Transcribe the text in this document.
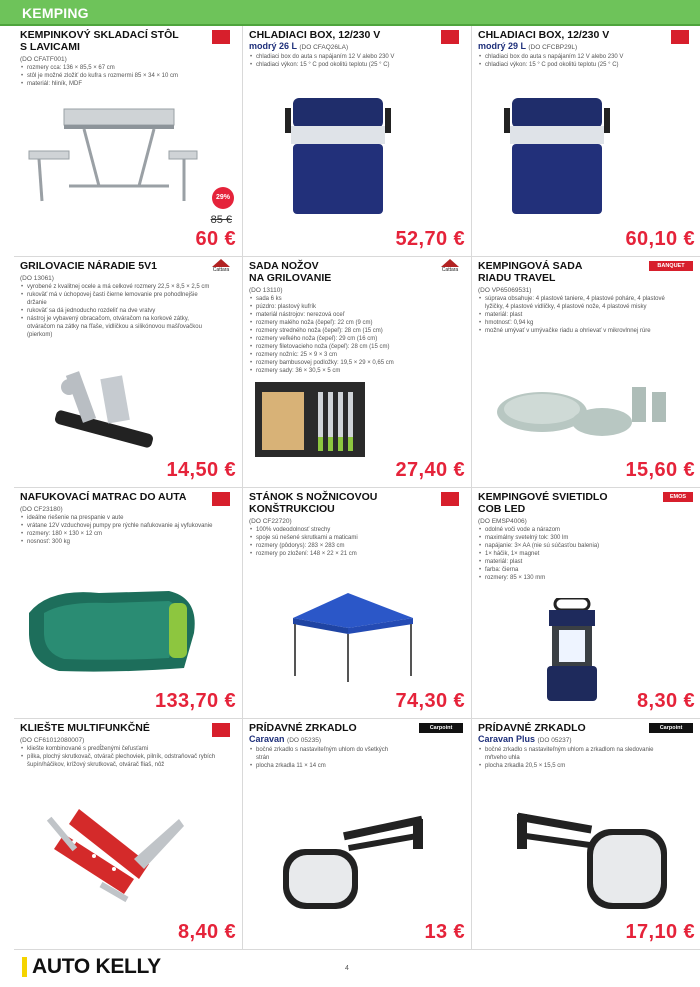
KEMPING
KEMPINKOVÝ SKLADACÍ STÔL
S LAVICAMI
(DO CFATF001)
• rozmery cca: 136 × 85,5 × 67 cm
• stôl je možné zložiť do kufra s rozmermi 85 × 34 × 10 cm
• materiál: hliník, MDF
29%
85 €
60 €
CHLADIACI BOX, 12/230 V
modrý 26 L (DO CFAQ26LA)
• chladiaci box do auta s napájaním 12 V alebo 230 V
• chladiaci výkon: 15 ° C pod okolitú teplotu (25 ° C)
52,70 €
CHLADIACI BOX, 12/230 V
modrý 29 L (DO CFCBP29L)
• chladiaci box do auta s napájaním 12 V alebo 230 V
• chladiaci výkon: 15 ° C pod okolitú teplotu (25 ° C)
60,10 €
GRILOVACIE NÁRADIE 5V1	Cattara
(DO 13061)
• vyrobené z kvalitnej ocele a má celkové rozmery 22,5 × 8,5 × 2,5 cm
• rukoväť má v úchopovej časti čierne lemovanie pre pohodlnejšie držanie
• rukoväť sa dá jednoducho rozdeliť na dve vratvy
• nástroj je vybavený obracačom, otváračom na korkové zátky, otváračom na zátky na fľaše, vidličkou a silikónovou mašľovačkou (pierkom)
14,50 €
SADA NOŽOV
NA GRILOVANIE
Cattara
(DO 13110)
• sada 6 ks
• púzdro: plastový kufrík
• materiál nástrojov: nerezová oceľ
• rozmery malého noža (čepeľ): 22 cm (9 cm)
• rozmery stredného noža (čepeľ): 28 cm (15 cm)
• rozmery veľkého noža (čepeľ): 29 cm (16 cm)
• rozmery filetovacieho noža (čepeľ): 28 cm (15 cm)
• rozmery nožníc: 25 × 9 × 3 cm
• rozmery bambusovej podložky: 19,5 × 29 × 0,65 cm
• rozmery sady: 36 × 30,5 × 5 cm
27,40 €
KEMPINGOVÁ SADA
RIADU TRAVEL
BANQUET
(DO VP65069531)
• súprava obsahuje: 4 plastové taniere, 4 plastové poháre, 4 plastové lyžičky, 4 plastové vidličky, 4 plastové nože, 4 plastové misky
• materiál: plast
• hmotnosť: 0,94 kg
• možné umývať v umývačke riadu a ohrievať v mikrovlnnej rúre
15,60 €
NAFUKOVACÍ MATRAC DO AUTA
(DO CF23180)
• ideálne riešenie na prespanie v aute
• vrátane 12V vzduchovej pumpy pre rýchle nafukovanie aj vyfukovanie
• rozmery: 180 × 130 × 12 cm
• nosnosť: 300 kg
133,70 €
STÁNOK S NOŽNICOVOU
KONŠTRUKCIOU
(DO CF22720)
• 100% vodeodolnosť strechy
• spoje sú nešené skrutkami a maticami
• rozmery (pôdorys): 283 × 283 cm
• rozmery po zložení: 148 × 22 × 21 cm
74,30 €
KEMPINGOVÉ SVIETIDLO
COB LED
EMOS
(DO EMSP4006)
• odolné voči vode a nárazom
• maximálny svetelný tok: 300 lm
• napájanie: 3× AA (nie sú súčasťou balenia)
• 1× háčik, 1× magnet
• materiál: plast
• farba: čierna
• rozmery: 85 × 130 mm
8,30 €
KLIEŠTE MULTIFUNKČNÉ
(DO CF61012080007)
• kliešte kombinované s predĺženými čeľusťami
• pílka, plochý skrutkovač, otvárač plechoviek, pilník, odstraňovač rybích šupín/háčikov, krížový skrutkovač, otvárač fliaš, nôž
8,40 €
PRÍDAVNÉ ZRKADLO	Carpoint
Caravan (DO 05235)
• bočné zrkadlo s nastaviteľným uhlom do všetkých strán
• plocha zrkadla 11 × 14 cm
13 €
PRÍDAVNÉ ZRKADLO	Carpoint
Caravan Plus (DO 05237)
• bočné zrkadlo s nastaviteľným uhlom a zrkadlom na sledovanie mŕtveho uhla
• plocha zrkadla 20,5 × 15,5 cm
17,10 €
AUTO KELLY	4
